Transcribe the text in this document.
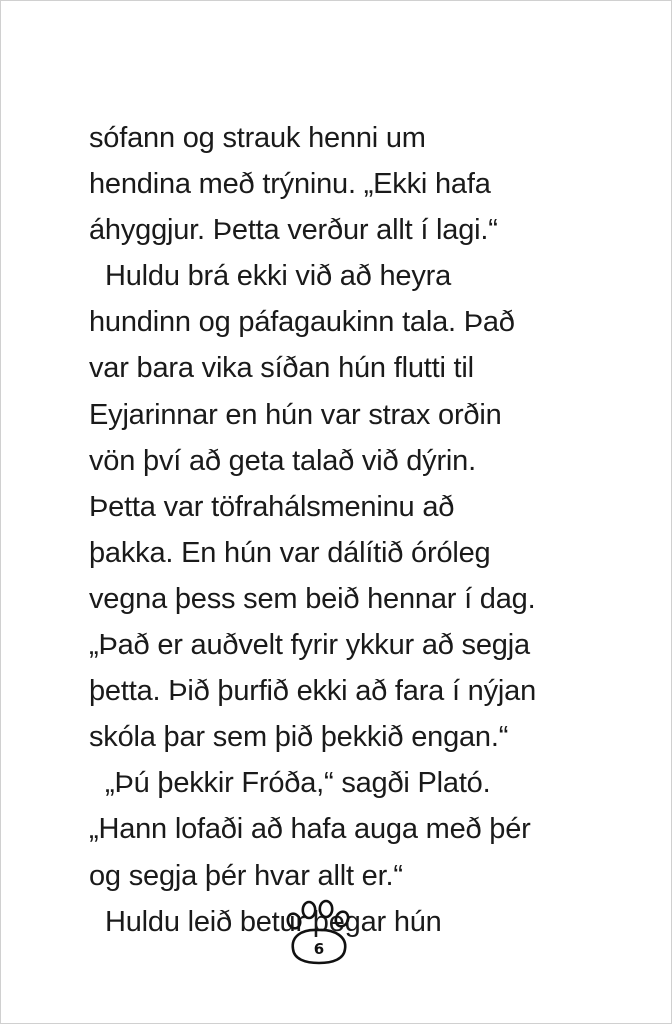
sófann og strauk henni um
hendina með trýninu. „Ekki hafa
áhyggjur. Þetta verður allt í lagi.“
Huldu brá ekki við að heyra
hundinn og páfagaukinn tala. Það
var bara vika síðan hún flutti til
Eyjarinnar en hún var strax orðin
vön því að geta talað við dýrin.
Þetta var töfrahálsmeninu að
þakka. En hún var dálítið óróleg
vegna þess sem beið hennar í dag.
„Það er auðvelt fyrir ykkur að segja
þetta. Þið þurfið ekki að fara í nýjan
skóla þar sem þið þekkið engan.“
„Þú þekkir Fróða,“ sagði Plató.
„Hann lofaði að hafa auga með þér
og segja þér hvar allt er.“
Huldu leið betur þegar hún
6
